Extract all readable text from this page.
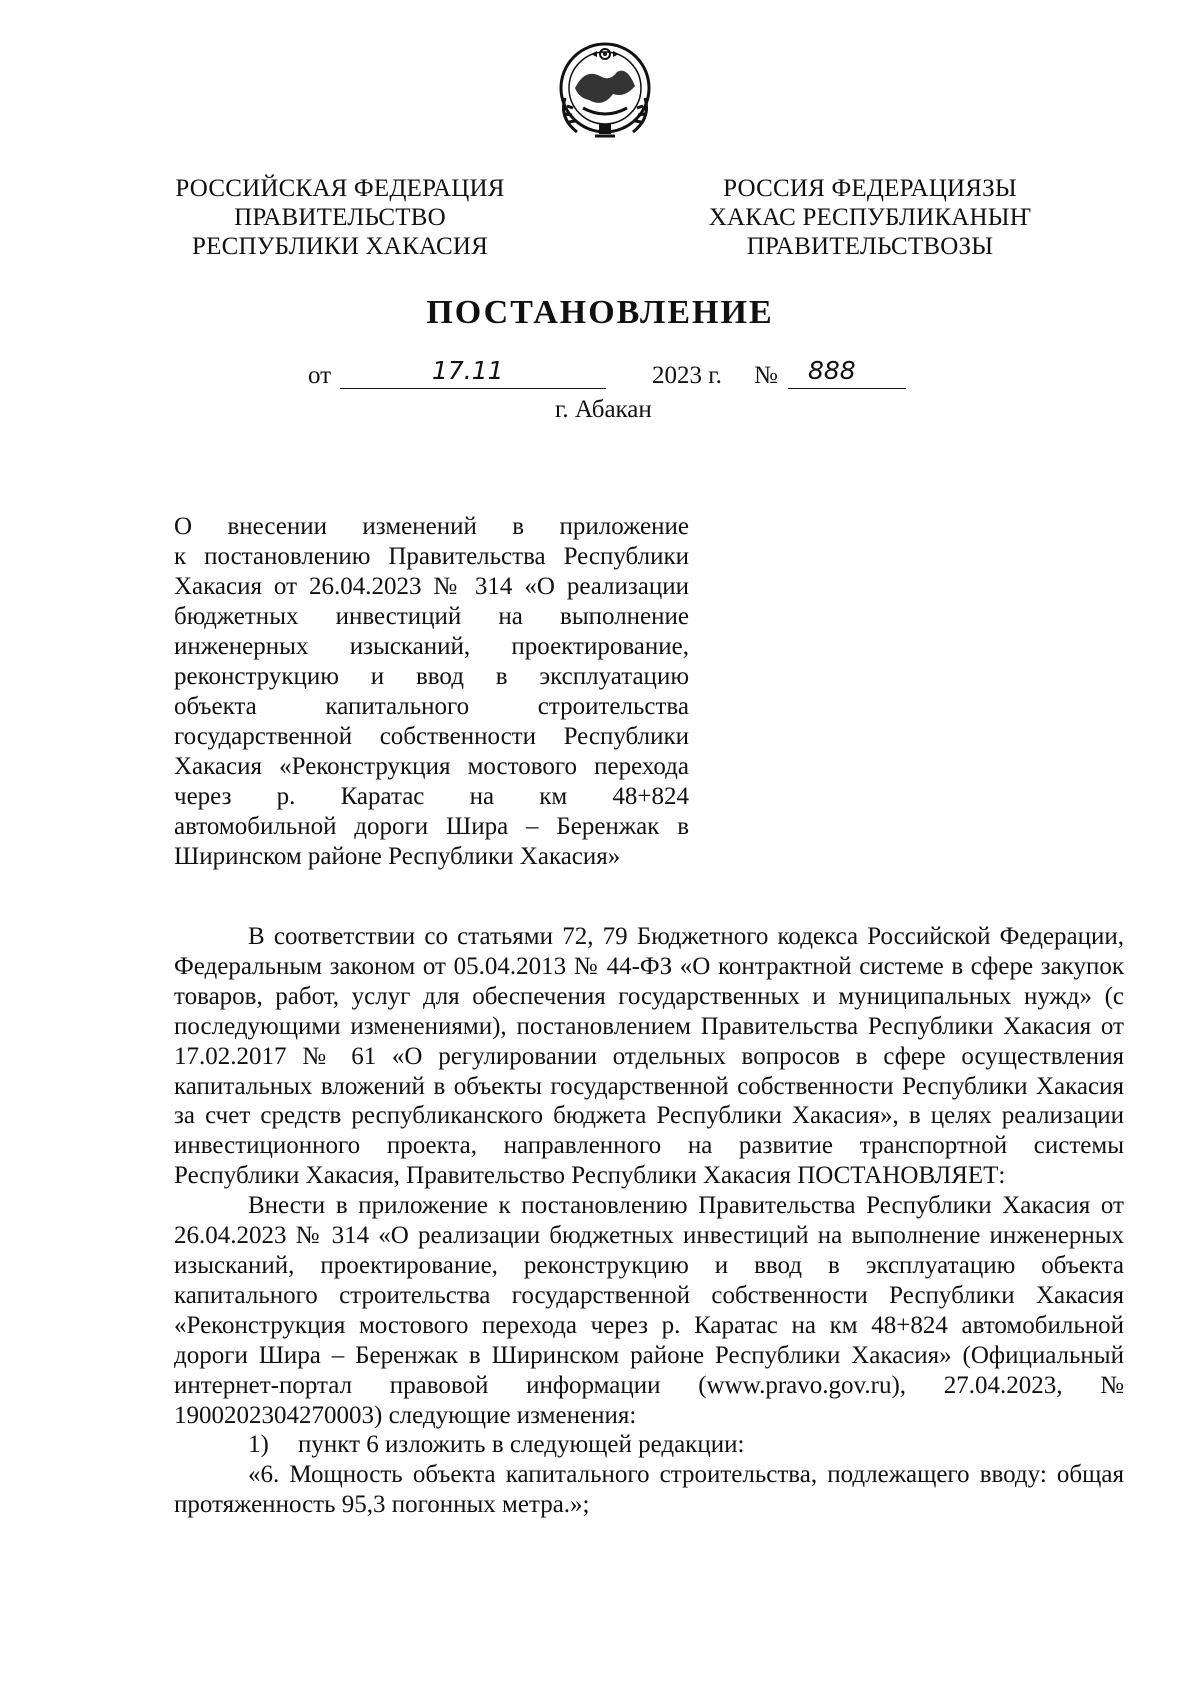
РОССИЙСКАЯ ФЕДЕРАЦИЯ
ПРАВИТЕЛЬСТВО
РЕСПУБЛИКИ ХАКАСИЯ
РОССИЯ ФЕДЕРАЦИЯЗЫ
ХАКАС РЕСПУБЛИКАНЫҤ
ПРАВИТЕЛЬСТВОЗЫ
ПОСТАНОВЛЕНИЕ
от	17.11	2023 г. № 888
г. Абакан
О внесении изменений в приложение
к постановлению Правительства Республики
Хакасия от 26.04.2023 № 314 «О реализации
бюджетных инвестиций на выполнение
инженерных изысканий, проектирование,
реконструкцию и ввод в эксплуатацию
объекта капитального строительства
государственной собственности Республики
Хакасия «Реконструкция мостового перехода
через р. Каратас на км 48+824
автомобильной дороги Шира – Беренжак в
Ширинском районе Республики Хакасия»

В соответствии со статьями 72, 79 Бюджетного кодекса Российской Федерации, Федеральным законом от 05.04.2013 № 44-ФЗ «О контрактной системе в сфере закупок товаров, работ, услуг для обеспечения государственных и муниципальных нужд» (с последующими изменениями), постановлением Правительства Республики Хакасия от 17.02.2017 № 61 «О регулировании отдельных вопросов в сфере осуществления капитальных вложений в объекты государственной собственности Республики Хакасия за счет средств республиканского бюджета Республики Хакасия», в целях реализации инвестиционного проекта, направленного на развитие транспортной системы Республики Хакасия, Правительство Республики Хакасия ПОСТАНОВЛЯЕТ:

Внести в приложение к постановлению Правительства Республики Хакасия от 26.04.2023 № 314 «О реализации бюджетных инвестиций на выполнение инженерных изысканий, проектирование, реконструкцию и ввод в эксплуатацию объекта капитального строительства государственной собственности Республики Хакасия «Реконструкция мостового перехода через р. Каратас на км 48+824 автомобильной дороги Шира – Беренжак в Ширинском районе Республики Хакасия» (Официальный интернет-портал правовой информации (www.pravo.gov.ru), 27.04.2023, № 1900202304270003) следующие изменения:

1) пункт 6 изложить в следующей редакции:

«6. Мощность объекта капитального строительства, подлежащего вводу: общая протяженность 95,3 погонных метра.»;
